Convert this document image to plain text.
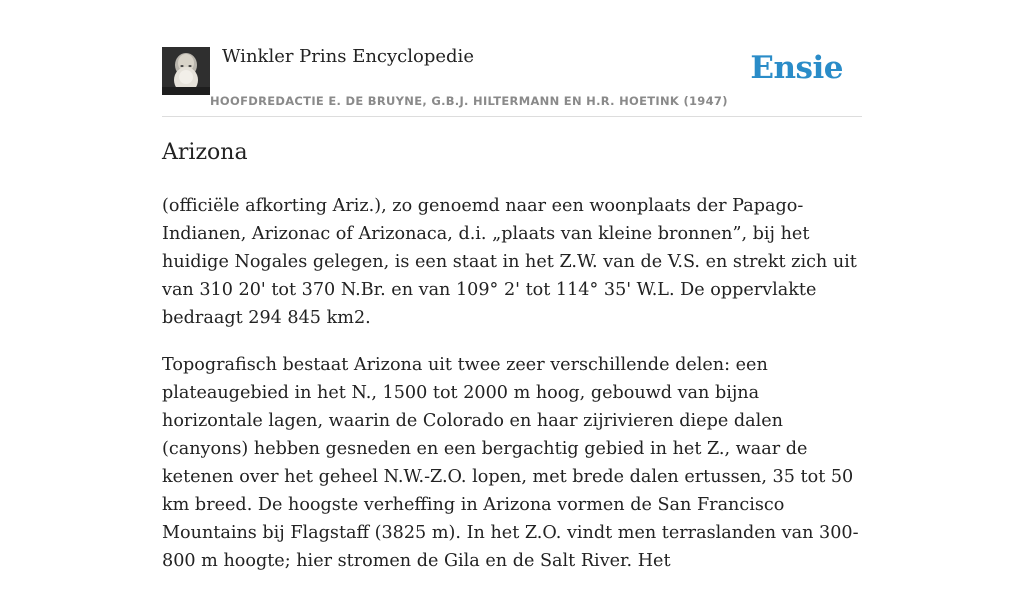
Winkler Prins Encyclopedie
HOOFDREDACTIE E. DE BRUYNE, G.B.J. HILTERMANN EN H.R. HOETINK (1947)
Ensie
Arizona

(officiële afkorting Ariz.), zo genoemd naar een woonplaats der Papago-Indianen, Arizonac of Arizonaca, d.i. „plaats van kleine bronnen”, bij het huidige Nogales gelegen, is een staat in het Z.W. van de V.S. en strekt zich uit van 310 20' tot 370 N.Br. en van 109° 2' tot 114° 35' W.L. De oppervlakte bedraagt 294 845 km2.

Topografisch bestaat Arizona uit twee zeer verschillende delen: een plateaugebied in het N., 1500 tot 2000 m hoog, gebouwd van bijna horizontale lagen, waarin de Colorado en haar zijrivieren diepe dalen (canyons) hebben gesneden en een bergachtig gebied in het Z., waar de ketenen over het geheel N.W.-Z.O. lopen, met brede dalen ertussen, 35 tot 50 km breed. De hoogste verheffing in Arizona vormen de San Francisco Mountains bij Flagstaff (3825 m). In het Z.O. vindt men terraslanden van 300-800 m hoogte; hier stromen de Gila en de Salt River. Het
